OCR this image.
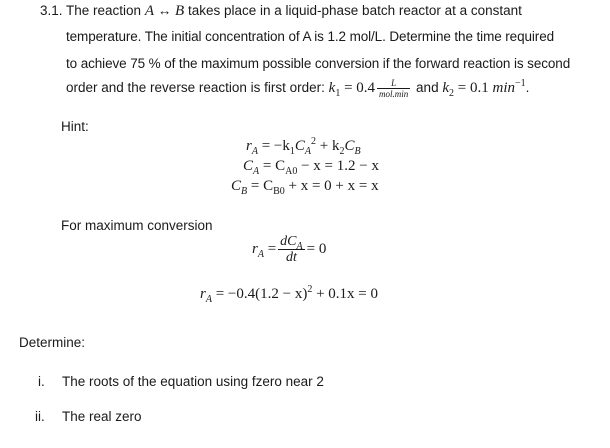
3.1. The reaction A ↔ B takes place in a liquid-phase batch reactor at a constant
temperature. The initial concentration of A is 1.2 mol/L. Determine the time required
to achieve 75 % of the maximum possible conversion if the forward reaction is second
order and the reverse reaction is first order: $k_1 = 0.4 \frac{L}{\text{mol.min}}$ and $k_2 = 0.1$ $\min^{-1}$.
Hint:
$r_A = -k_1C_A^2 + k_2C_B$
$C_A = C_{A0} - x = 1.2 - x$
$C_B = C_{B0} + x = 0 + x = x$
For maximum conversion
$r_A = \frac{dC_A}{dt} = 0$
$r_A = -0.4(1.2 - x)^2 + 0.1x = 0$
Determine:
i. The roots of the equation using fzero near 2
ii. The real zero
